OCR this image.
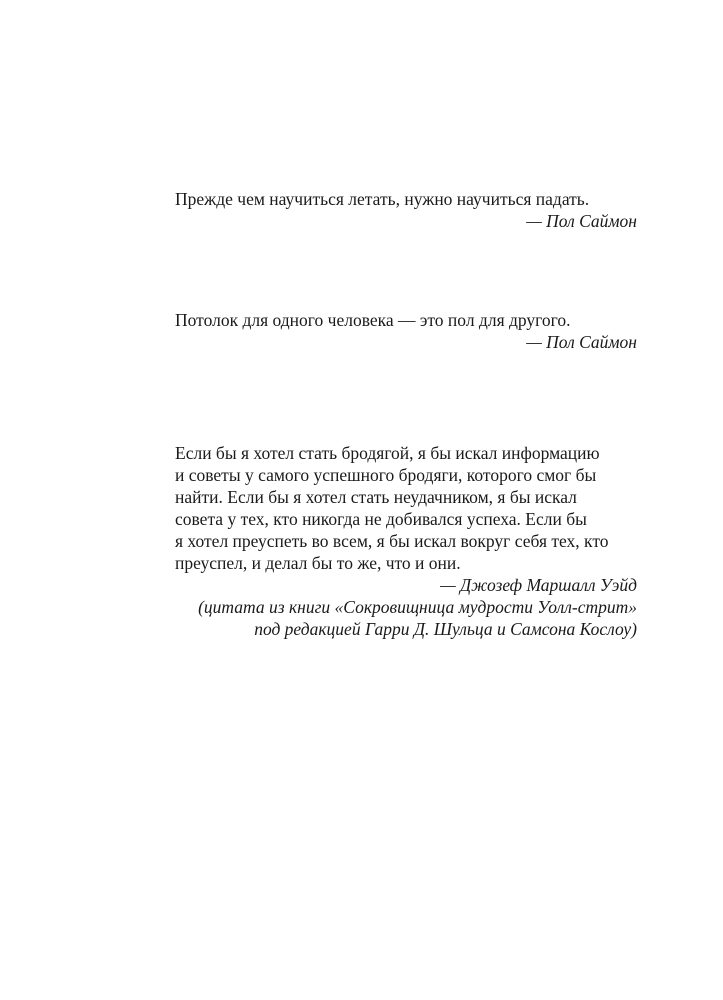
Прежде чем научиться летать, нужно научиться падать.

— Пол Саймон

Потолок для одного человека — это пол для другого.

— Пол Саймон

Если бы я хотел стать бродягой, я бы искал информацию

и советы у самого успешного бродяги, которого смог бы

найти. Если бы я хотел стать неудачником, я бы искал

совета у тех, кто никогда не добивался успеха. Если бы

я хотел преуспеть во всем, я бы искал вокруг себя тех, кто

преуспел, и делал бы то же, что и они.

— Джозеф Маршалл Уэйд

(цитата из книги «Сокровищница мудрости Уолл-стрит»

под редакцией Гарри Д. Шульца и Самсона Кослоу)
